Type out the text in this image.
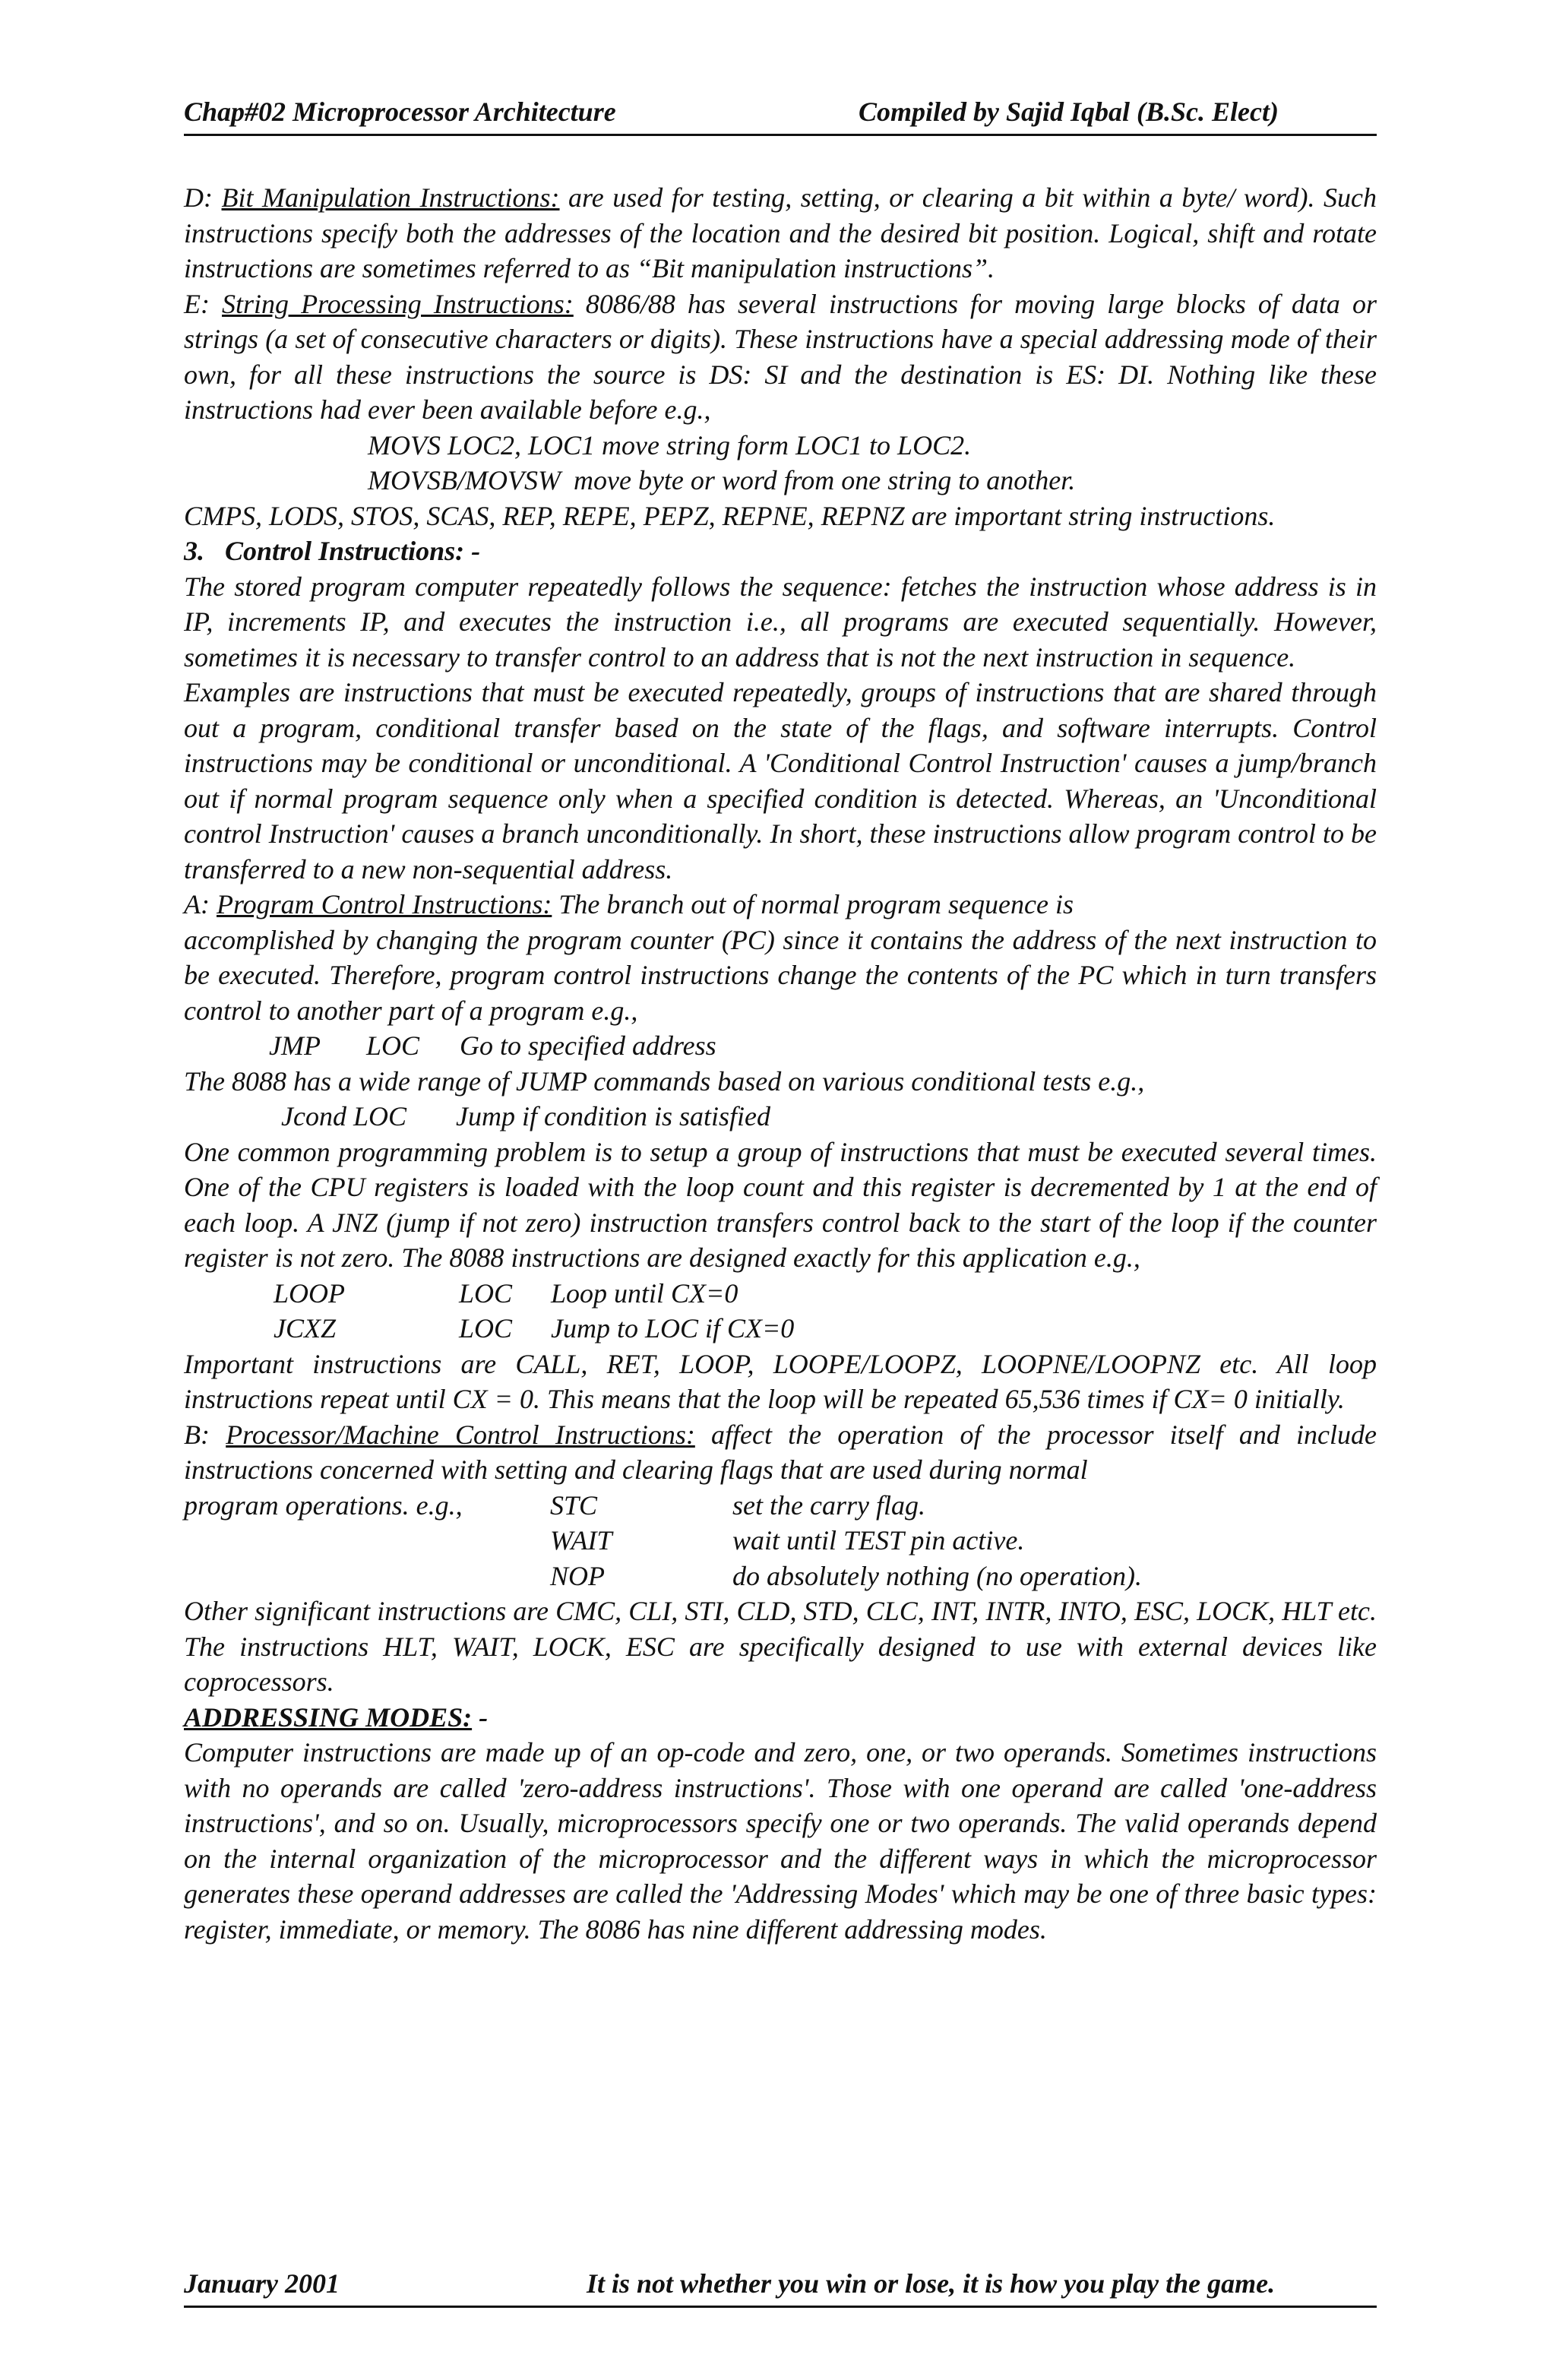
Chap#02 Microprocessor Architecture	Compiled by Sajid Iqbal (B.Sc. Elect)

D: Bit Manipulation Instructions: are used for testing, setting, or clearing a bit within a byte/ word). Such instructions specify both the addresses of the location and the desired bit position. Logical, shift and rotate instructions are sometimes referred to as “Bit manipulation instructions”.

E: String Processing Instructions: 8086/88 has several instructions for moving large blocks of data or strings (a set of consecutive characters or digits). These instructions have a special addressing mode of their own, for all these instructions the source is DS: SI and the destination is ES: DI. Nothing like these instructions had ever been available before e.g.,

MOVS LOC2, LOC1 move string form LOC1 to LOC2.
MOVSB/MOVSW move byte or word from one string to another.

CMPS, LODS, STOS, SCAS, REP, REPE, PEPZ, REPNE, REPNZ are important string instructions.

3.   Control Instructions: -

The stored program computer repeatedly follows the sequence: fetches the instruction whose address is in IP, increments IP, and executes the instruction i.e., all programs are executed sequentially. However, sometimes it is necessary to transfer control to an address that is not the next instruction in sequence.

Examples are instructions that must be executed repeatedly, groups of instructions that are shared through out a program, conditional transfer based on the state of the flags, and software interrupts. Control instructions may be conditional or unconditional. A 'Conditional Control Instruction' causes a jump/branch out if normal program sequence only when a specified condition is detected. Whereas, an 'Unconditional control Instruction' causes a branch unconditionally. In short, these instructions allow program control to be transferred to a new non-sequential address.

A: Program Control Instructions: The branch out of normal program sequence is

accomplished by changing the program counter (PC) since it contains the address of the next instruction to be executed. Therefore, program control instructions change the contents of the PC which in turn transfers control to another part of a program e.g.,

JMP LOC Go to specified address

The 8088 has a wide range of JUMP commands based on various conditional tests e.g.,

Jcond LOC Jump if condition is satisfied

One common programming problem is to setup a group of instructions that must be executed several times. One of the CPU registers is loaded with the loop count and this register is decremented by 1 at the end of each loop. A JNZ (jump if not zero) instruction transfers control back to the start of the loop if the counter register is not zero. The 8088 instructions are designed exactly for this application e.g.,

LOOP	LOC Loop until CX=0
JCXZ	LOC Jump to LOC if CX=0

Important instructions are CALL, RET, LOOP, LOOPE/LOOPZ, LOOPNE/LOOPNZ etc. All loop instructions repeat until CX = 0. This means that the loop will be repeated 65,536 times if CX= 0 initially.

B: Processor/Machine Control Instructions: affect the operation of the processor itself and include instructions concerned with setting and clearing flags that are used during normal

program operations. e.g.,	STC	set the carry flag.
WAIT	wait until TEST pin active.
NOP	do absolutely nothing (no operation).

Other significant instructions are CMC, CLI, STI, CLD, STD, CLC, INT, INTR, INTO, ESC, LOCK, HLT etc. The instructions HLT, WAIT, LOCK, ESC are specifically designed to use with external devices like coprocessors.

ADDRESSING MODES: -

Computer instructions are made up of an op-code and zero, one, or two operands. Sometimes instructions with no operands are called 'zero-address instructions'. Those with one operand are called 'one-address instructions', and so on. Usually, microprocessors specify one or two operands. The valid operands depend on the internal organization of the microprocessor and the different ways in which the microprocessor generates these operand addresses are called the 'Addressing Modes' which may be one of three basic types: register, immediate, or memory. The 8086 has nine different addressing modes.

January 2001	It is not whether you win or lose, it is how you play the game.
